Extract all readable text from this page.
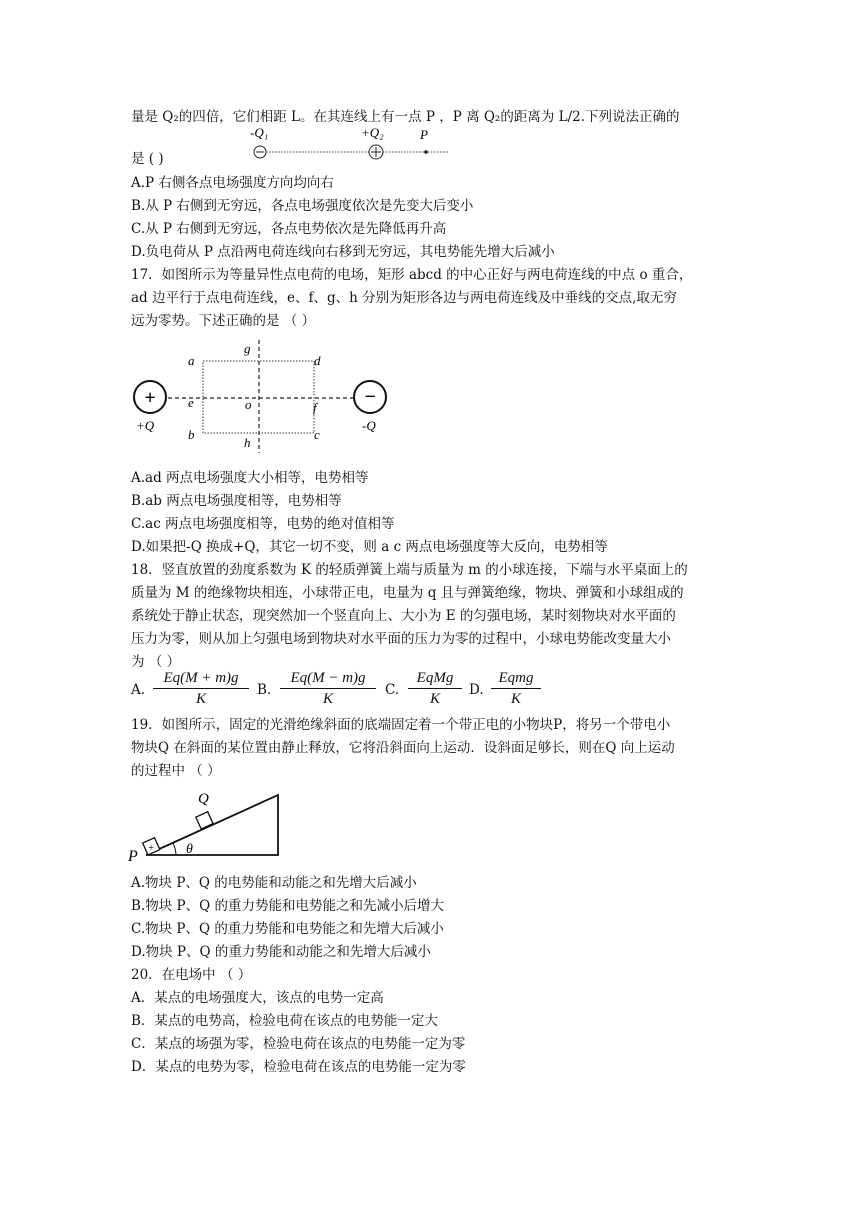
量是 Q₂的四倍，它们相距 L。在其连线上有一点 P ，P 离 Q₂的距离为 L/2.下列说法正确的
是 ( )
-Q₁	+Q₂	P
A.P 右侧各点电场强度方向均向右
B.从 P 右侧到无穷远，各点电场强度依次是先变大后变小
C.从 P 右侧到无穷远，各点电势依次是先降低再升高
D.负电荷从 P 点沿两电荷连线向右移到无穷远，其电势能先增大后减小
17．如图所示为等量异性点电荷的电场，矩形 abcd 的中心正好与两电荷连线的中点 o 重合，
ad 边平行于点电荷连线，e、f、g、h 分别为矩形各边与两电荷连线及中垂线的交点,取无穷
远为零势。下述正确的是 （ ）
+	−
+Q	-Q
a
b	c
d
e	f
g
h
o
A.ad 两点电场强度大小相等，电势相等
B.ab 两点电场强度相等，电势相等
C.ac 两点电场强度相等，电势的绝对值相等
D.如果把-Q 换成+Q，其它一切不变，则 a c 两点电场强度等大反向，电势相等
18．竖直放置的劲度系数为 K 的轻质弹簧上端与质量为 m 的小球连接，下端与水平桌面上的
质量为 M 的绝缘物块相连，小球带正电，电量为 q 且与弹簧绝缘，物块、弹簧和小球组成的
系统处于静止状态，现突然加一个竖直向上、大小为 E 的匀强电场，某时刻物块对水平面的
压力为零，则从加上匀强电场到物块对水平面的压力为零的过程中，小球电势能改变量大小
为 （ ）
A. $\frac{Eq(M + m)g}{K} B$. $\frac{Eq(M - m)g}{K} C$.
EqMg
K
D.
Eqmg
K
19．如图所示，固定的光滑绝缘斜面的底端固定着一个带正电的小物块P，将另一个带电小
物块Q 在斜面的某位置由静止释放，它将沿斜面向上运动．设斜面足够长，则在Q 向上运动
的过程中 （ ）
Q
+
P	θ
A.物块 P、Q 的电势能和动能之和先增大后减小
B.物块 P、Q 的重力势能和电势能之和先减小后增大
C.物块 P、Q 的重力势能和电势能之和先增大后减小
D.物块 P、Q 的重力势能和动能之和先增大后减小
20．在电场中 （ ）
A．某点的电场强度大，该点的电势一定高
B．某点的电势高，检验电荷在该点的电势能一定大
C．某点的场强为零，检验电荷在该点的电势能一定为零
D．某点的电势为零，检验电荷在该点的电势能一定为零
